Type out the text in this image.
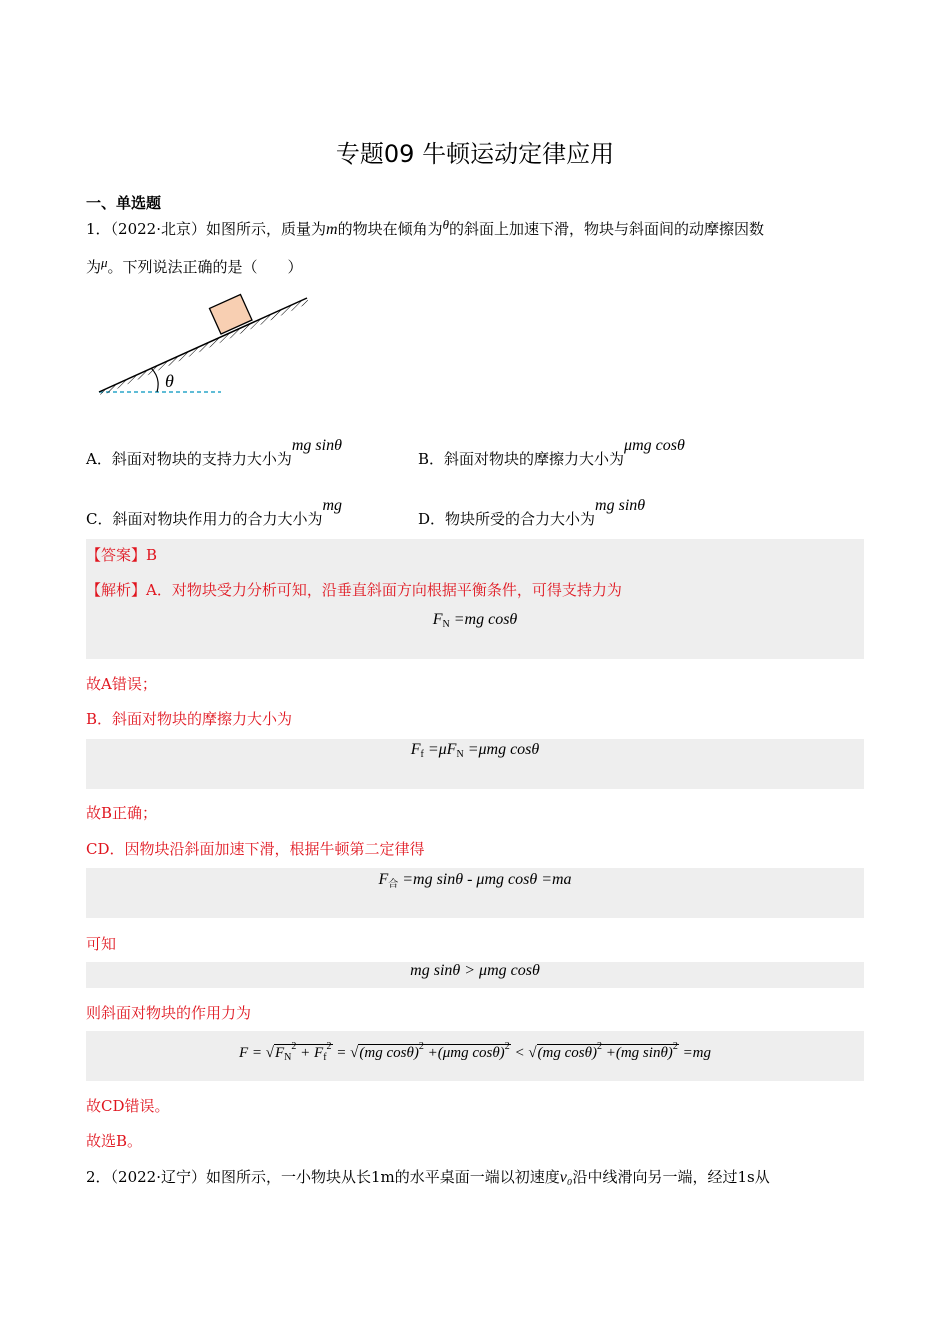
专题09 牛顿运动定律应用
一、单选题
1．（2022·北京）如图所示，质量为m的物块在倾角为θ的斜面上加速下滑，物块与斜面间的动摩擦因数
为μ。下列说法正确的是（　　）
θ
A．斜面对物块的支持力大小为mg sinθ
B．斜面对物块的摩擦力大小为μmg cosθ
C．斜面对物块作用力的合力大小为mg
D．物块所受的合力大小为mg sinθ
【答案】B
【解析】A．对物块受力分析可知，沿垂直斜面方向根据平衡条件，可得支持力为
$F_N =mg$ cosθ
故A错误；
B．斜面对物块的摩擦力大小为
$F_f =\mu F_N =\mu mg$ cosθ
故B正确；
CD．因物块沿斜面加速下滑，根据牛顿第二定律得
$F_合 =mg$ sinθ - μmg cosθ =ma
可知
mg sinθ > μmg cosθ
则斜面对物块的作用力为
$F = √F_N^2 + F_f^2 = √(mg$ cosθ)$^2$ +(μmg cosθ)$^2$ < √(mg cosθ)$^2$ +(mg sinθ)$^2$ =mg
故CD错误。
故选B。
2．（2022·辽宁）如图所示，一小物块从长1m的水平桌面一端以初速度v₀沿中线滑向另一端，经过1s从
